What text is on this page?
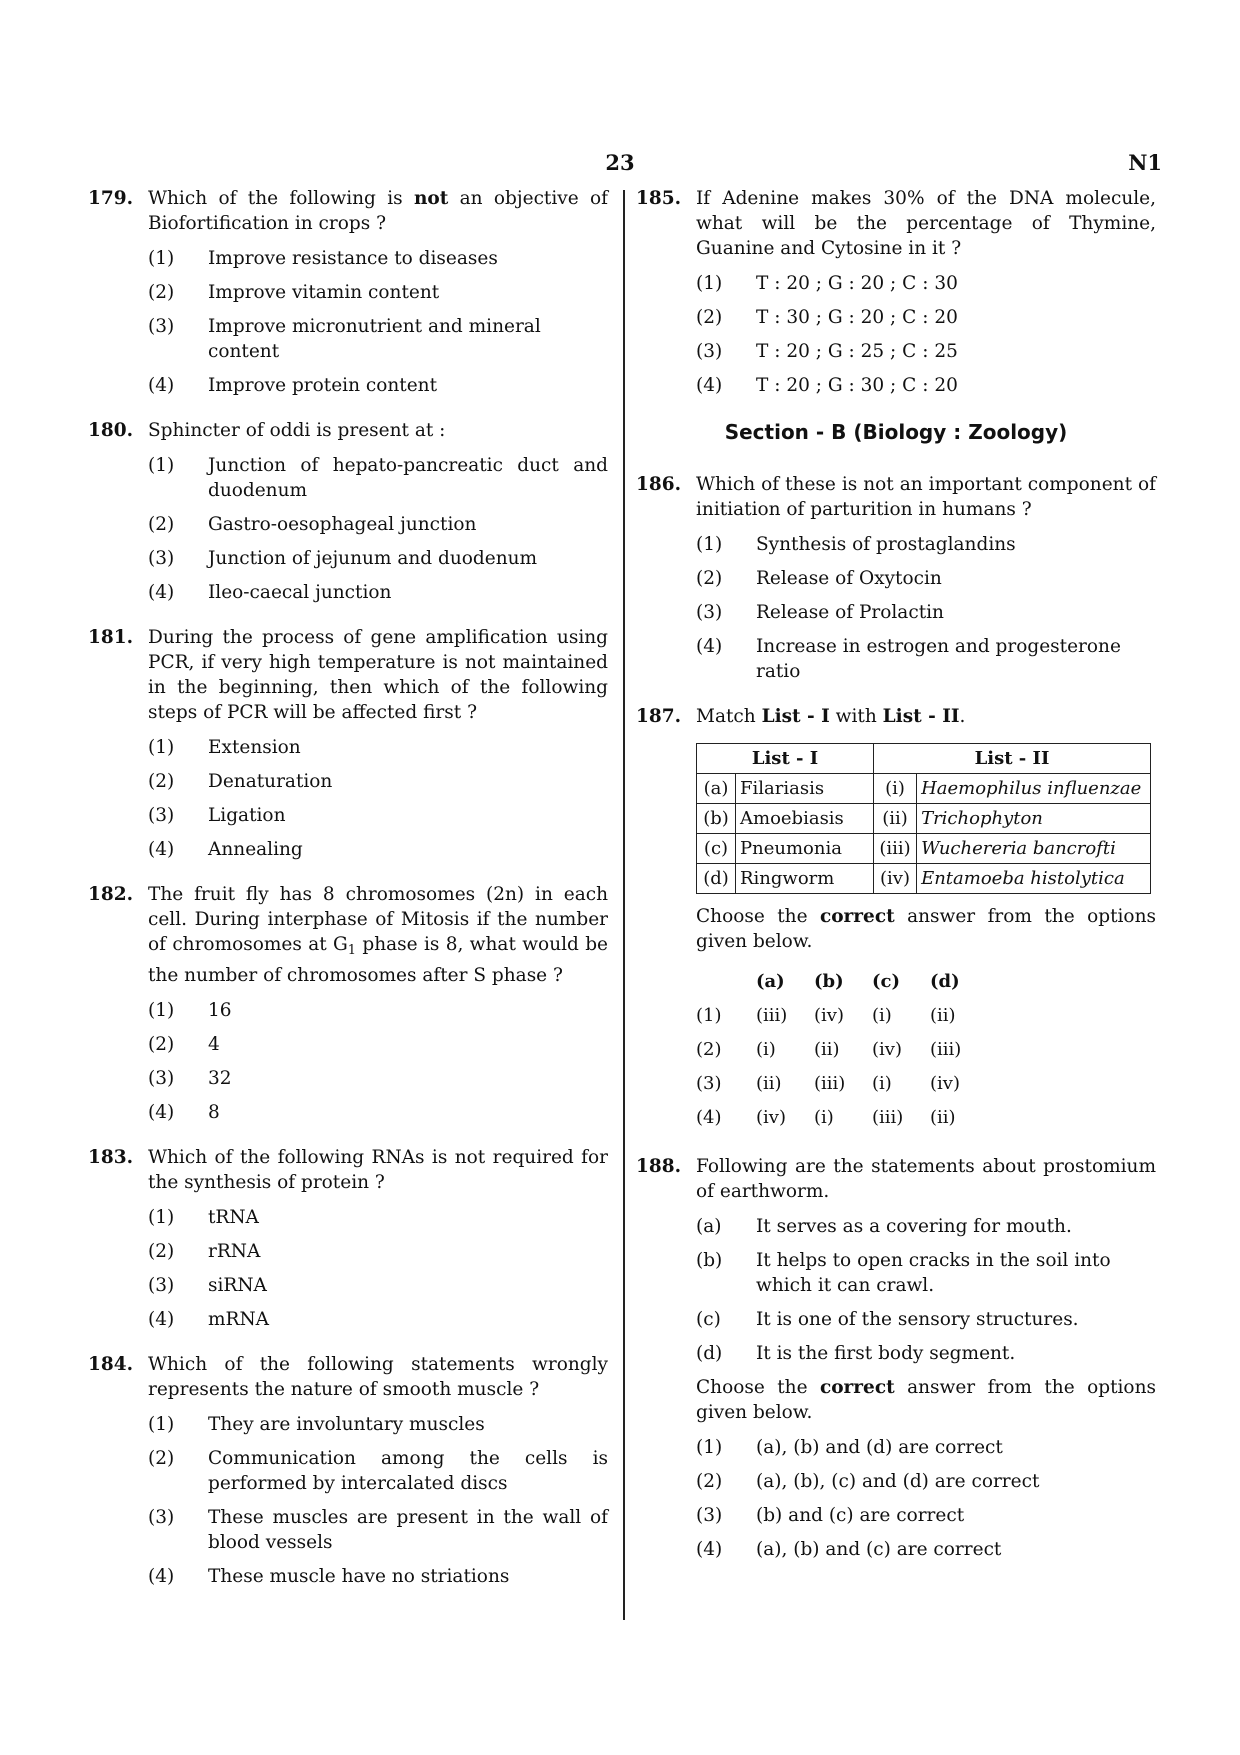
23	N1
179. Which of the following is not an objective of Biofortification in crops ?
(1)	Improve resistance to diseases
(2)	Improve vitamin content
(3)	Improve micronutrient and mineral content
(4)	Improve protein content
180. Sphincter of oddi is present at :
(1)	Junction of hepato-pancreatic duct and duodenum
(2)	Gastro-oesophageal junction
(3)	Junction of jejunum and duodenum
(4)	Ileo-caecal junction
181. During the process of gene amplification using PCR, if very high temperature is not maintained in the beginning, then which of the following steps of PCR will be affected first ?
(1)	Extension
(2)	Denaturation
(3)	Ligation
(4)	Annealing
182. The fruit fly has 8 chromosomes (2n) in each cell. During interphase of Mitosis if the number of chromosomes at $G_1$ phase is 8, what would be the number of chromosomes after S phase ?
(1)	16
(2)	4
(3)	32
(4)	8
183. Which of the following RNAs is not required for the synthesis of protein ?
(1)	tRNA
(2)	rRNA
(3)	siRNA
(4)	mRNA
184. Which of the following statements wrongly represents the nature of smooth muscle ?
(1)	They are involuntary muscles
(2)	Communication among the cells is performed by intercalated discs
(3)	These muscles are present in the wall of blood vessels
(4)	These muscle have no striations
185. If Adenine makes 30% of the DNA molecule, what will be the percentage of Thymine, Guanine and Cytosine in it ?
(1)	T : 20 ; G : 20 ; C : 30
(2)	T : 30 ; G : 20 ; C : 20
(3)	T : 20 ; G : 25 ; C : 25
(4)	T : 20 ; G : 30 ; C : 20
Section - B (Biology : Zoology)
186. Which of these is not an important component of initiation of parturition in humans ?
(1)	Synthesis of prostaglandins
(2)	Release of Oxytocin
(3)	Release of Prolactin
(4)	Increase in estrogen and progesterone ratio
187. Match List - I with List - II.
List - I		List - II	
(a)	Filariasis	(i)	Haemophilus influenzae
(b)	Amoebiasis	(ii)	Trichophyton
(c)	Pneumonia	(iii)	Wuchereria bancrofti
(d)	Ringworm	(iv)	Entamoeba histolytica
Choose the correct answer from the options given below.
	(a)	(b)	(c)	(d)
(1)	(iii)	(iv)	(i)	(ii)
(2)	(i)	(ii)	(iv)	(iii)
(3)	(ii)	(iii)	(i)	(iv)
(4)	(iv)	(i)	(iii)	(ii)
188. Following are the statements about prostomium of earthworm.
(a)	It serves as a covering for mouth.
(b)	It helps to open cracks in the soil into which it can crawl.
(c)	It is one of the sensory structures.
(d)	It is the first body segment.
Choose the correct answer from the options given below.
(1)	(a), (b) and (d) are correct
(2)	(a), (b), (c) and (d) are correct
(3)	(b) and (c) are correct
(4)	(a), (b) and (c) are correct
